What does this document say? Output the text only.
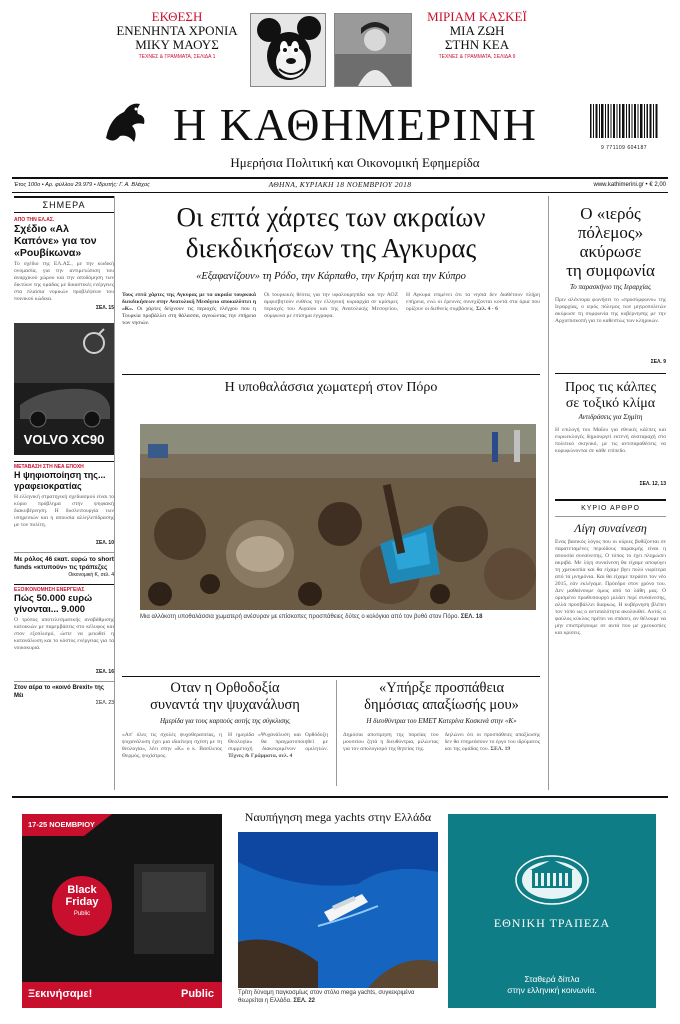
ΕΚΘΕΣΗ
ΕΝΕΝΗΝΤΑ ΧΡΟΝΙΑ
ΜΙΚΥ ΜΑΟΥΣ
ΤΕΧΝΕΣ & ΓΡΑΜΜΑΤΑ, ΣΕΛΙΔΑ 1
ΜΙΡΙΑΜ ΚΑΣΚΕΪ
ΜΙΑ ΖΩΗ
ΣΤΗΝ ΚΕΑ
ΤΕΧΝΕΣ & ΓΡΑΜΜΑΤΑ, ΣΕΛΙΔΑ 9
Η ΚΑΘΗΜΕΡΙΝΗ
Ημερήσια Πολιτική και Οικονομική Εφημερίδα
9 771109 604187
Έτος 100ο • Αρ. φύλλου 29.979 • Ιδρυτής: Γ. Α. Βλάχος	ΑΘΗΝΑ, ΚΥΡΙΑΚΗ 18 ΝΟΕΜΒΡΙΟΥ 2018	www.kathimerini.gr • € 2,00
ΣΗΜΕΡΑ
ΑΠΟ ΤΗΝ ΕΛ.ΑΣ.
Σχέδιο «Αλ Καπόνε» για τον «Ρουβίκωνα»
Το σχέδιο της ΕΛ.ΑΣ., με την κωδική ονομασία, για την αντιμετώπιση του αναρχικού χώρου και την αποδόμηση των δικτύων της ομάδας με δικαστικές ενέργειες στα πλαίσια νομικών προβλέψεων του ποινικού κώδικα.
ΣΕΛ. 15
VOLVO XC90
ΜΕΤΑΒΑΣΗ ΣΤΗ ΝΕΑ ΕΠΟΧΗ
Η ψηφιοποίηση της... γραφειοκρατίας
Η ελληνική στρατηγική σχεδιασμού είναι το κύριο πρόβλημα στην ψηφιακή διακυβέρνηση. Η δυσλειτουργία των υπηρεσιών και η απουσία αλληλεπίδρασης με τον πολίτη.
ΣΕΛ. 10
Με ρόλος 46 εκατ. ευρώ το short funds «κτυπούν» τις τράπεζες
Οικονομική Κ, σελ. 4
ΕΞΟΙΚΟΝΟΜΗΣΗ ΕΝΕΡΓΕΙΑΣ
Πώς 50.000 ευρώ γίνονται... 9.000
Ο τρόπος αποτελεσματικής αναβάθμισης κατοικιών με παρεμβάσεις στο κέλυφος και στον εξοπλισμό, ώστε να μειωθεί η κατανάλωση και το κόστος ενέργειας για τα νοικοκυριά.
ΣΕΛ. 16
Στον αέρα το «κοινό Brexit» της Μέι
ΣΕΛ. 23
Οι επτά χάρτες των ακραίων
διεκδικήσεων της Αγκυρας
«Εξαφανίζουν» τη Ρόδο, την Κάρπαθο, την Κρήτη και την Κύπρο
Τους επτά χάρτες της Αγκυρας με τα ακραία τουρκικά διεκδικήσεων στην Ανατολική Μεσόγειο αποκαλύπτει η «Κ». Οι χάρτες δείχνουν τις περιοχές ελέγχου που η Τουρκία προβάλλει στη θάλασσα, αγνοώντας την επήρεια των νησιών.
Οι τουρκικές θέσεις για την υφαλοκρηπίδα και την ΑΟΖ αμφισβητούν ευθέως την ελληνική κυριαρχία σε κρίσιμες περιοχές του Αιγαίου και της Ανατολικής Μεσογείου, σύμφωνα με επίσημα έγγραφα.
Η Αγκυρα επιμένει ότι τα νησιά δεν διαθέτουν πλήρη επήρεια, ενώ οι έρευνες συνεχίζονται κοντά στα όρια που ορίζουν οι διεθνείς συμβάσεις. Σελ. 4 - 6
Η υποθαλάσσια χωματερή στον Πόρο
Μια αλλόκοτη υποθαλάσσια χωματερή ανέσυραν με επίσκοπες προσπάθειες δύτες ο κολόγκιο από τον βυθό στον Πόρο. ΣΕΛ. 18
Ο «ιερός
πόλεμος»
ακύρωσε
τη συμφωνία
Το παρασκήνιο της Ιεραρχίας
Πριν αλέκτορα φωνήσει το «προσύμφωνο» της Ιεραρχίας, ο ιερός πόλεμος των μητροπολιτών ακύρωσε τη συμφωνία της κυβέρνησης με την Αρχιεπισκοπή για το καθεστώς των κληρικών.
ΣΕΛ. 9
Προς τις κάλπες
σε τοξικό κλίμα
Αντιδράσεις για Σημίτη
Η επιλογή του Μαΐου για εθνικές κάλπες και ευρωεκλογές δημιουργεί εκτενή αναταραχή στο πολιτικό σκηνικό, με τις αντιπαραθέσεις να κορυφώνονται σε κάθε επίπεδο.
ΣΕΛ. 12, 13
ΚΥΡΙΟ ΑΡΘΡΟ
Λίγη συναίνεση
Ενας βασικός λόγος που οι κύριες βυθίζονται σε παρατεταμένες περιόδους παρακμής είναι η απουσία συναίνεσης. Ο τόπος το έχει πληρώσει ακριβά. Με λίγη συναίνεση θα είχαμε αποφύγει τη χρεοκοπία και θα είχαμε βγει πολύ νωρίτερα από τα μνημόνια. Και θα είχαμε περάσει τον νέο 2015, εάν εκλέγαμε. Πρόεδρο στον χρόνο του. Δεν μαθαίνουμε όμως από τα λάθη μας. Ο ορισμένο πρωθυπουργό μιλάει περί συναίνεσης, αλλά προσβάλλει διαρκώς. Η κυβέρνηση βλέπει τον τόπο ως ο αντιπαλότητα ακολουθεί. Αυτός ο φαύλος κύκλος πρέπει να σπάσει, αν θέλουμε να μην επιστρέψουμε σε αυτά που με χρεοκοπίες και κρίσεις.
Οταν η Ορθοδοξία
συναντά την ψυχανάλυση
Ημερίδα για τους καρπούς αυτής της σύγκλισης
«Απ' όλες τις σχολές ψυχοθεραπείας, η ψυχανάλυση έχει μια ιδιαίτερη σχέση με τη θεολογία», λέει στην «Κ» ο κ. Βασίλειος Θερμός, ψυχίατρος.
Η ημερίδα «Ψυχανάλυση και Ορθόδοξη Θεολογία» θα πραγματοποιηθεί με συμμετοχή διακεκριμένων ομιλητών. Τέχνες & Γράμματα, σελ. 4
«Υπήρξε προσπάθεια
δημόσιας απαξίωσής μου»
Η διευθύντρια του ΕΜΕΤ Κατερίνα Κοσκινά στην «Κ»
Δημόσια αποτίμηση της πορείας του μουσείου ζητά η διευθύντρια, μιλώντας για τον απολογισμό της θητείας της.
Δηλώνει ότι οι προσπάθειες απαξίωσης δεν θα επηρεάσουν το έργο του ιδρύματος και της ομάδας του. ΣΕΛ. 19
17-25 ΝΟΕΜΒΡΙΟΥ
Black
Friday
Public
Ξεκινήσαμε!	Public
Ναυπήγηση mega yachts στην Ελλάδα
Τρίτη δύναμη παγκοσμίως στον στόλο mega yachts, συγκεκριμένα θεωρείται η Ελλάδα. ΣΕΛ. 22
ΕΘΝΙΚΗ ΤΡΑΠΕΖΑ
Σταθερά δίπλα
στην ελληνική κοινωνία.
